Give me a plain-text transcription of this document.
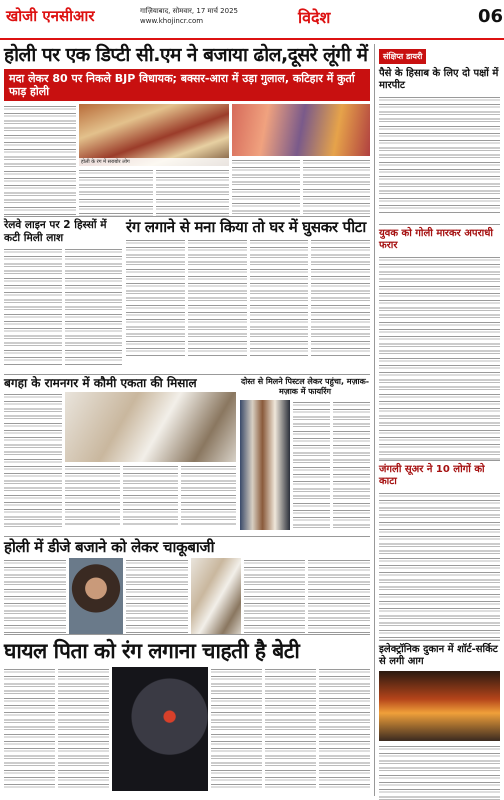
खोजी एनसीआर	गाज़ियाबाद, सोमवार, 17 मार्च 2025
www.khojincr.com	विदेश	06
होली पर एक डिप्टी सी.एम ने बजाया ढोल,दूसरे लूंगी में
मदा लेकर 80 पर निकले BJP विधायक; बक्सर-आरा में उड़ा गुलाल, कटिहार में कुर्ता फाड़ होली
होली के रंग में सराबोर लोग
रेलवे लाइन पर 2 हिस्सों में कटी मिली लाश
रंग लगाने से मना किया तो घर में घुसकर पीटा
बगहा के रामनगर में कौमी एकता की मिसाल	दोस्त से मिलने पिस्टल लेकर पहुंचा, मज़ाक-मज़ाक में फायरिंग
होली में डीजे बजाने को लेकर चाकूबाजी
घायल पिता को रंग लगाना चाहती है बेटी
संक्षिप्त डायरी
पैसे के हिसाब के लिए दो पक्षों में मारपीट
युवक को गोली मारकर अपराधी फरार
जंगली सूअर ने 10 लोगों को काटा
इलेक्ट्रॉनिक दुकान में शॉर्ट-सर्किट से लगी आग
